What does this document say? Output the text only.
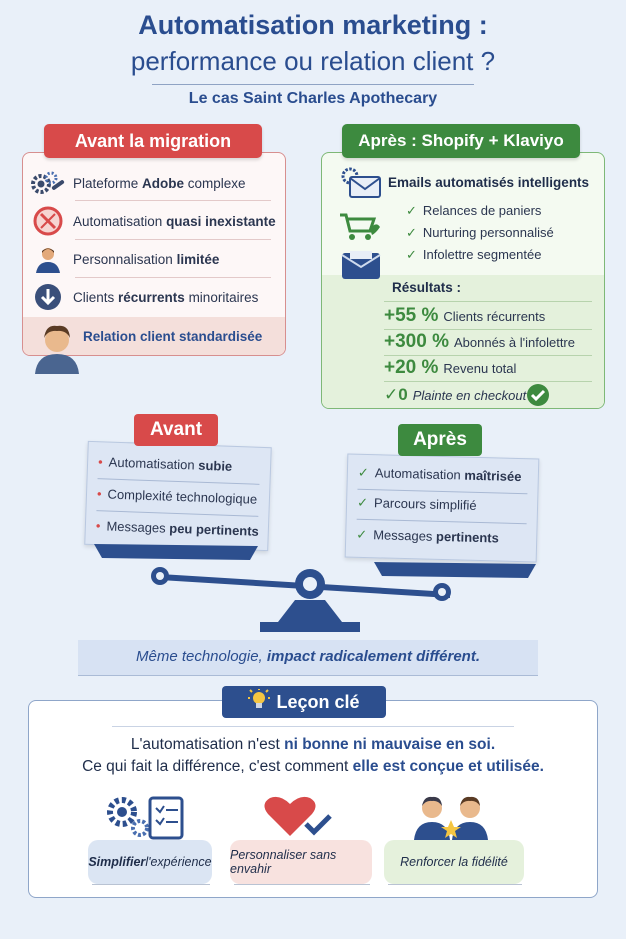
Automatisation marketing :
performance ou relation client ?
Le cas Saint Charles Apothecary
Plateforme Adobe complexe
Automatisation quasi inexistante
Personnalisation limitée
Clients récurrents minoritaires
Relation client standardisée
Avant la migration
Emails automatisés intelligents
✓ Relances de paniers
✓ Nurturing personnalisé
✓ Infolettre segmentée
Résultats :
+55 % Clients récurrents
+300 % Abonnés à l'infolettre
+20 % Revenu total
✓0 Plainte en checkout
Après : Shopify + Klaviyo
• Automatisation subie
• Complexité technologique
• Messages peu pertinents
✓ Automatisation maîtrisée
✓ Parcours simplifié
✓ Messages pertinents
Avant	Après
Même technologie, impact radicalement différent.
Leçon clé
L'automatisation n'est ni bonne ni mauvaise en soi.
Ce qui fait la différence, c'est comment elle est conçue et utilisée.
Simplifier l'expérience Personnaliser sans envahir	Renforcer la fidélité
